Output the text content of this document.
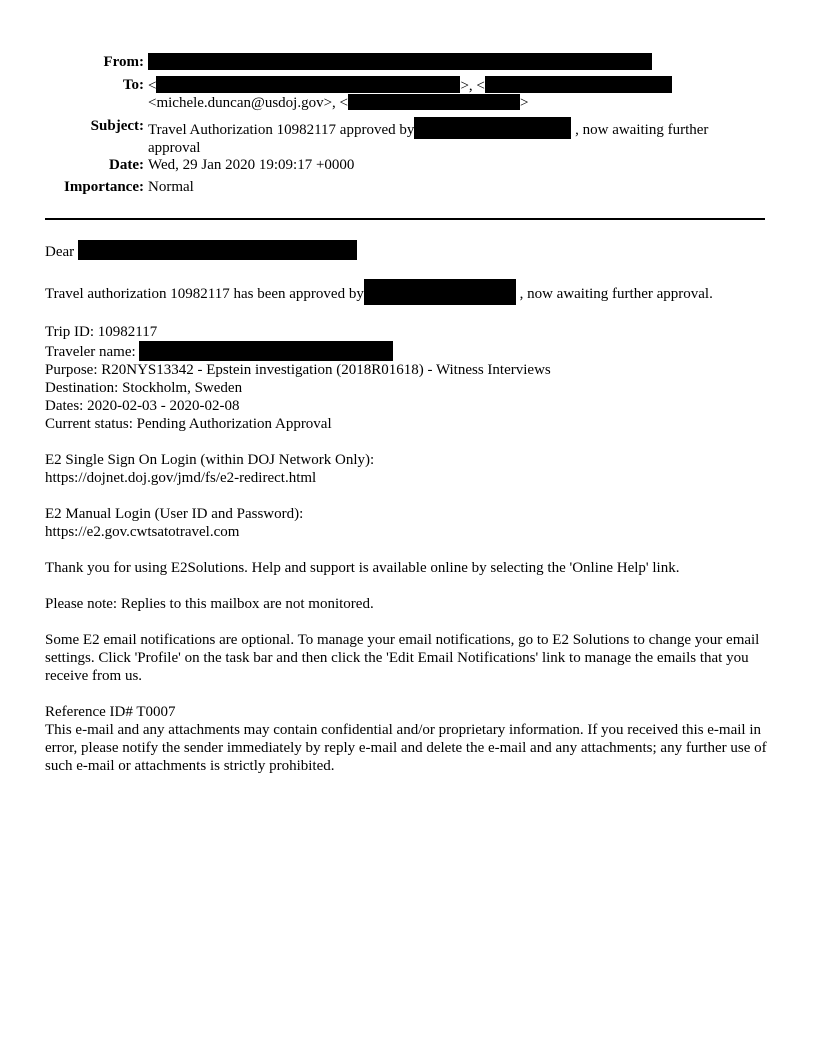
From:
To: <	>, <
<michele.duncan@usdoj.gov>, <	>
Subject: Travel Authorization 10982117 approved by	, now awaiting further
approval
Date: Wed, 29 Jan 2020 19:09:17 +0000
Importance: Normal

Dear

Travel authorization 10982117 has been approved by	, now awaiting further approval.

Trip ID: 10982117
Traveler name:
Purpose: R20NYS13342 - Epstein investigation (2018R01618) - Witness Interviews
Destination: Stockholm, Sweden
Dates: 2020-02-03 - 2020-02-08
Current status: Pending Authorization Approval

E2 Single Sign On Login (within DOJ Network Only):
https://dojnet.doj.gov/jmd/fs/e2-redirect.html

E2 Manual Login (User ID and Password):
https://e2.gov.cwtsatotravel.com

Thank you for using E2Solutions. Help and support is available online by selecting the 'Online Help' link.

Please note: Replies to this mailbox are not monitored.

Some E2 email notifications are optional. To manage your email notifications, go to E2 Solutions to change your email settings. Click 'Profile' on the task bar and then click the 'Edit Email Notifications' link to manage the emails that you receive from us.

Reference ID# T0007
This e-mail and any attachments may contain confidential and/or proprietary information. If you received this e-mail in error, please notify the sender immediately by reply e-mail and delete the e-mail and any attachments; any further use of such e-mail or attachments is strictly prohibited.
